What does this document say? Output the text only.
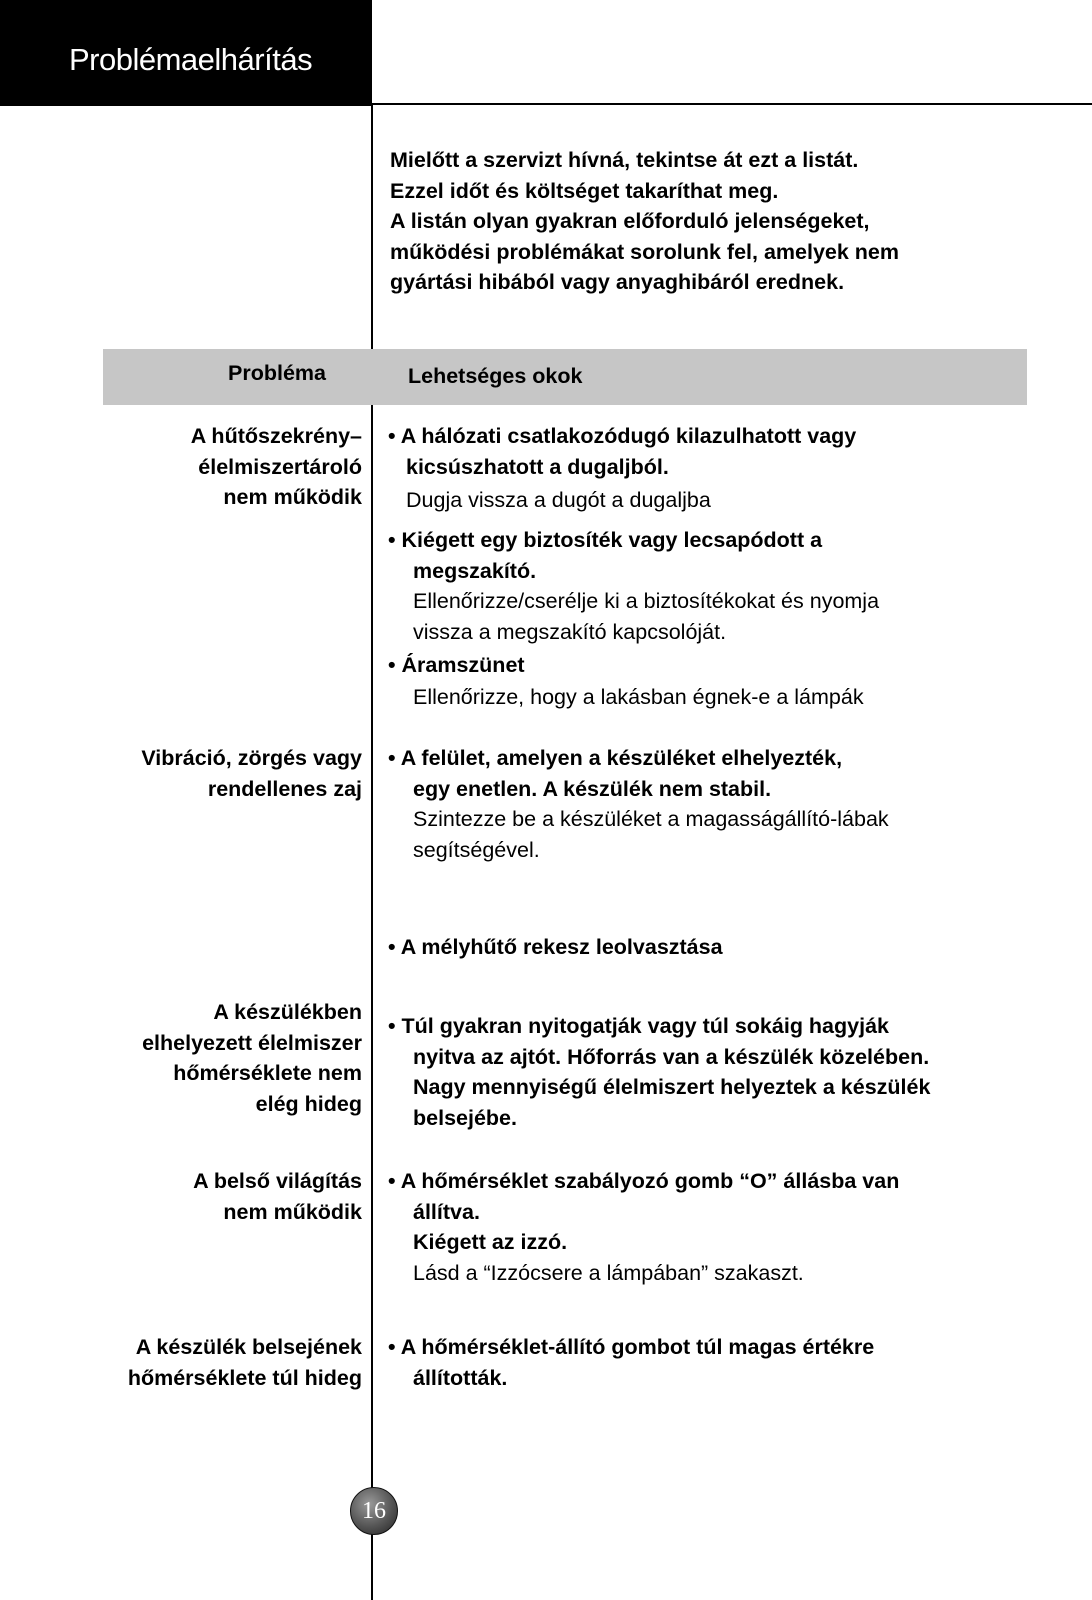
Problémaelhárítás
Mielőtt a szervizt hívná, tekintse át ezt a listát.
Ezzel időt és költséget takaríthat meg.
A listán olyan gyakran előforduló jelenségeket,
működési problémákat sorolunk fel, amelyek nem
gyártási hibából vagy anyaghibáról erednek.
Probléma	Lehetséges okok
A hűtőszekrény–
élelmiszertároló
nem működik
• A hálózati csatlakozódugó kilazulhatott vagy
kicsúszhatott a dugaljból.
Dugja vissza a dugót a dugaljba
• Kiégett egy biztosíték vagy lecsapódott a
megszakító.
Ellenőrizze/cserélje ki a biztosítékokat és nyomja
vissza a megszakító kapcsolóját.
• Áramszünet
Ellenőrizze, hogy a lakásban égnek-e a lámpák
Vibráció, zörgés vagy
rendellenes zaj
• A felület, amelyen a készüléket elhelyezték,
egy enetlen. A készülék nem stabil.
Szintezze be a készüléket a magasságállító-lábak
segítségével.
• A mélyhűtő rekesz leolvasztása
A készülékben
elhelyezett élelmiszer
hőmérséklete nem
elég hideg
• Túl gyakran nyitogatják vagy túl sokáig hagyják
nyitva az ajtót. Hőforrás van a készülék közelében.
Nagy mennyiségű élelmiszert helyeztek a készülék
belsejébe.
A belső világítás
nem működik
• A hőmérséklet szabályozó gomb “O” állásba van
állítva.
Kiégett az izzó.
Lásd a “Izzócsere a lámpában” szakaszt.
A készülék belsejének
hőmérséklete túl hideg
• A hőmérséklet-állító gombot túl magas értékre
állították.
16
